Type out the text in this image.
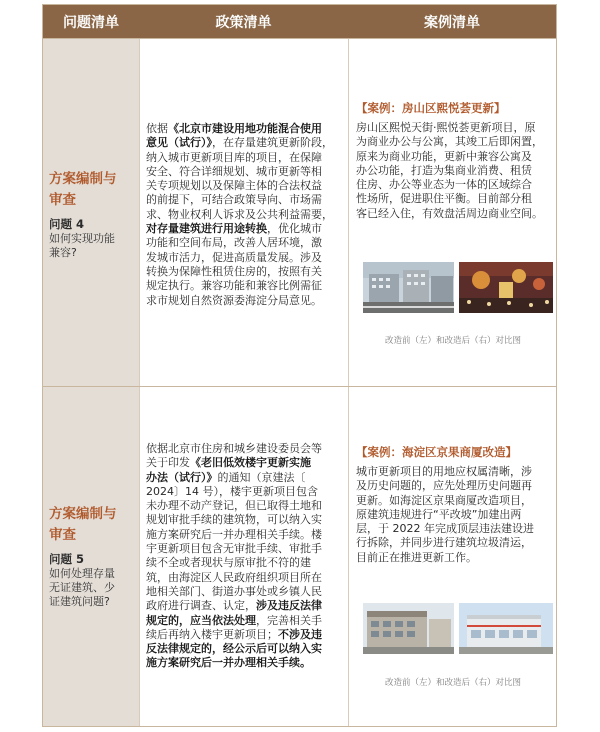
问题清单	政策清单	案例清单
方案编制与
审查
问题 4
如何实现功能
兼容?
依据《北京市建设用地功能混合使用
意见（试行）》，在存量建筑更新阶段，
纳入城市更新项目库的项目，在保障
安全、符合详细规划、城市更新等相
关专项规划以及保障主体的合法权益
的前提下，可结合政策导向、市场需
求、物业权利人诉求及公共利益需要，
对存量建筑进行用途转换，优化城市
功能和空间布局，改善人居环境，激
发城市活力，促进高质量发展。涉及
转换为保障性租赁住房的，按照有关
规定执行。兼容功能和兼容比例需征
求市规划自然资源委海淀分局意见。
【案例：房山区熙悦荟更新】
房山区熙悦天街·熙悦荟更新项目，原
为商业办公与公寓，其竣工后即闲置，
原来为商业功能，更新中兼容公寓及
办公功能，打造为集商业消费、租赁
住房、办公等业态为一体的区域综合
性场所，促进职住平衡。目前部分租
客已经入住，有效盘活周边商业空间。
改造前（左）和改造后（右）对比图
方案编制与
审查
问题 5
如何处理存量
无证建筑、少
证建筑问题?
依据北京市住房和城乡建设委员会等
关于印发《老旧低效楼宇更新实施
办法（试行）》的通知（京建法〔
2024〕14 号），楼宇更新项目包含
未办理不动产登记，但已取得土地和
规划审批手续的建筑物，可以纳入实
施方案研究后一并办理相关手续。楼
宇更新项目包含无审批手续、审批手
续不全或者现状与原审批不符的建
筑，由海淀区人民政府组织项目所在
地相关部门、街道办事处或乡镇人民
政府进行调查、认定，涉及违反法律
规定的，应当依法处理，完善相关手
续后再纳入楼宇更新项目；不涉及违
反法律规定的，经公示后可以纳入实
施方案研究后一并办理相关手续。
【案例：海淀区京果商厦改造】
城市更新项目的用地应权属清晰，涉
及历史问题的，应先处理历史问题再
更新。如海淀区京果商厦改造项目，
原建筑违规进行“平改坡”加建出两
层，于 2022 年完成顶层违法建设进
行拆除，并同步进行建筑垃圾清运，
目前正在推进更新工作。
改造前（左）和改造后（右）对比图
